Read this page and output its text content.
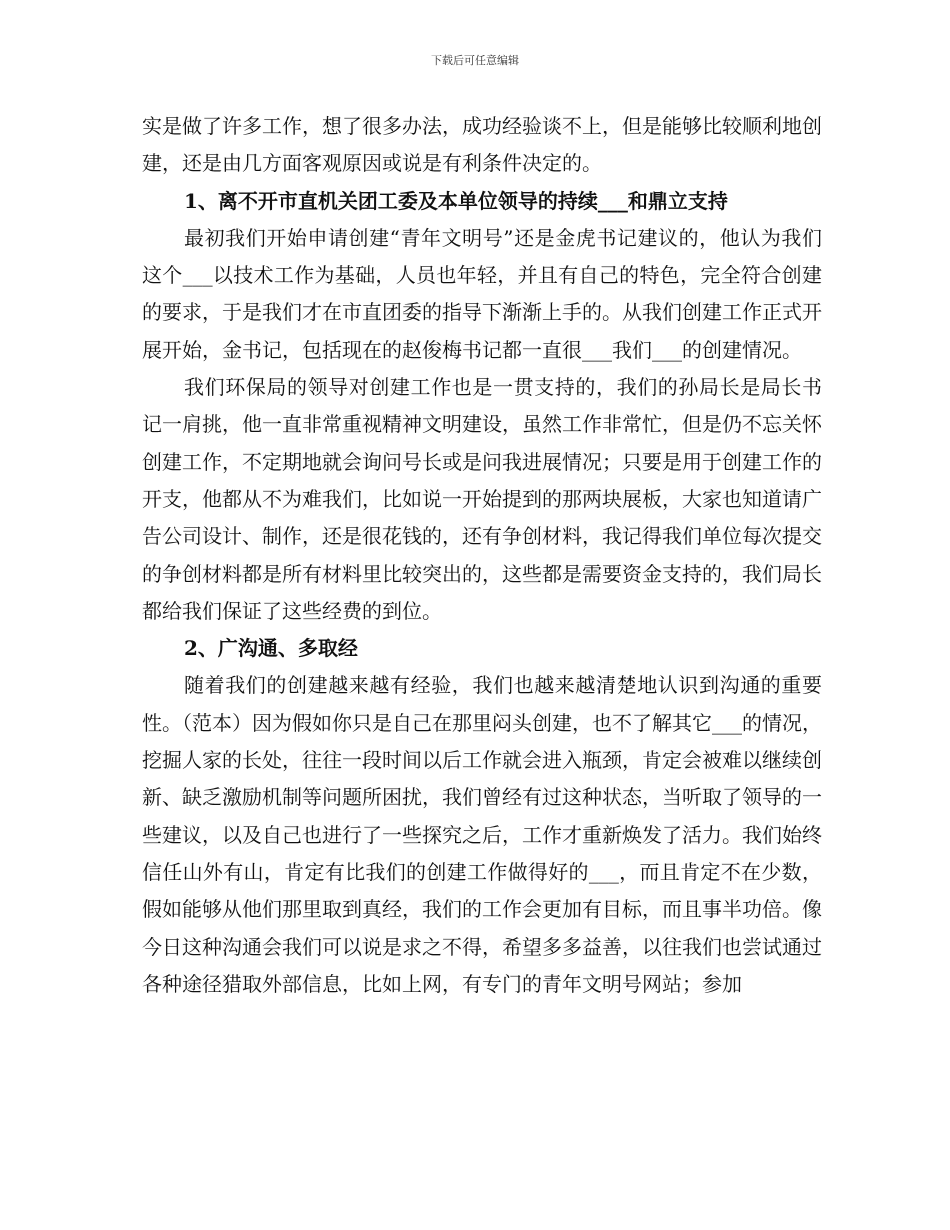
下载后可任意编辑

实是做了许多工作，想了很多办法，成功经验谈不上，但是能够比较顺利地创建，还是由几方面客观原因或说是有利条件决定的。

1、离不开市直机关团工委及本单位领导的持续___和鼎立支持

最初我们开始申请创建“青年文明号”还是金虎书记建议的，他认为我们这个___以技术工作为基础，人员也年轻，并且有自己的特色，完全符合创建的要求，于是我们才在市直团委的指导下渐渐上手的。从我们创建工作正式开展开始，金书记，包括现在的赵俊梅书记都一直很___我们___的创建情况。

我们环保局的领导对创建工作也是一贯支持的，我们的孙局长是局长书记一肩挑，他一直非常重视精神文明建设，虽然工作非常忙，但是仍不忘关怀创建工作，不定期地就会询问号长或是问我进展情况；只要是用于创建工作的开支，他都从不为难我们，比如说一开始提到的那两块展板，大家也知道请广告公司设计、制作，还是很花钱的，还有争创材料，我记得我们单位每次提交的争创材料都是所有材料里比较突出的，这些都是需要资金支持的，我们局长都给我们保证了这些经费的到位。

2、广沟通、多取经

随着我们的创建越来越有经验，我们也越来越清楚地认识到沟通的重要性。（范本）因为假如你只是自己在那里闷头创建，也不了解其它___的情况，挖掘人家的长处，往往一段时间以后工作就会进入瓶颈，肯定会被难以继续创新、缺乏激励机制等问题所困扰，我们曾经有过这种状态，当听取了领导的一些建议，以及自己也进行了一些探究之后，工作才重新焕发了活力。我们始终信任山外有山，肯定有比我们的创建工作做得好的___，而且肯定不在少数，假如能够从他们那里取到真经，我们的工作会更加有目标，而且事半功倍。像今日这种沟通会我们可以说是求之不得，希望多多益善，以往我们也尝试通过各种途径猎取外部信息，比如上网，有专门的青年文明号网站；参加
